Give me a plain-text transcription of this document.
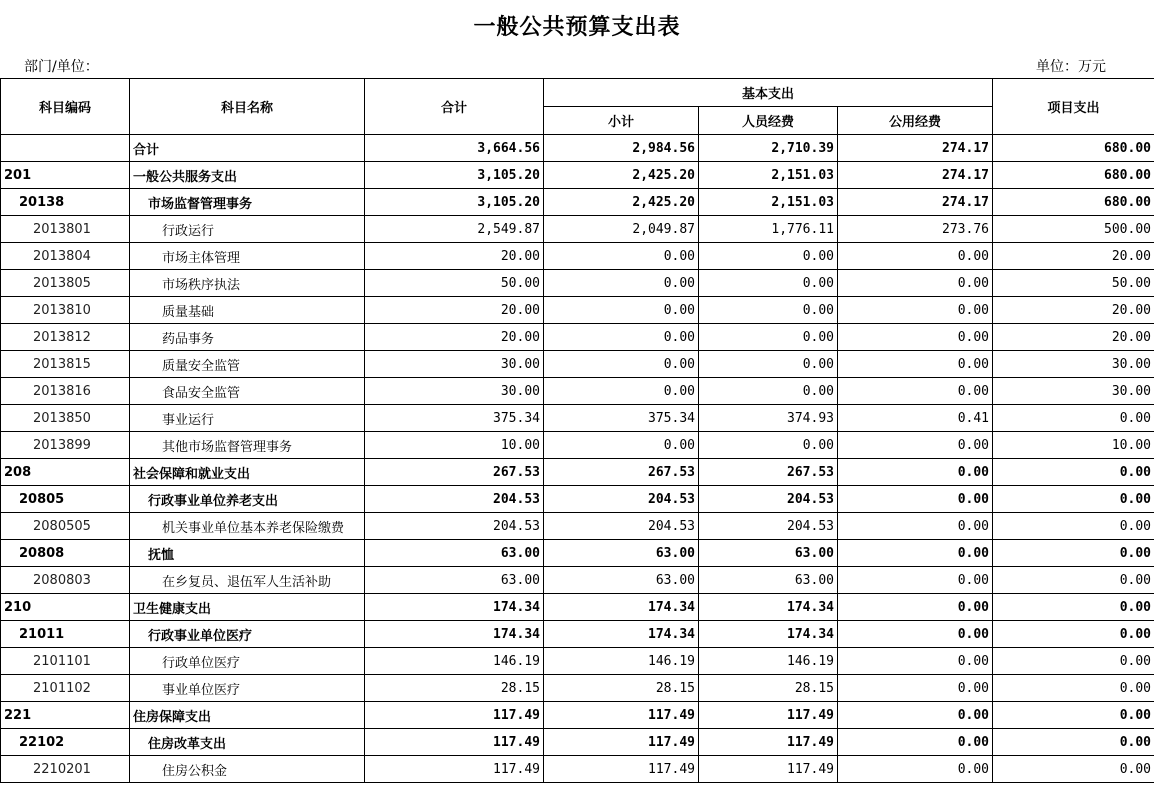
一般公共预算支出表
部门/单位：	单位：万元
科目编码	科目名称	合计	基本支出			项目支出
			小计	人员经费	公用经费	
	合计	3,664.56	2,984.56	2,710.39	274.17	680.00
201	一般公共服务支出	3,105.20	2,425.20	2,151.03	274.17	680.00
20138	市场监督管理事务	3,105.20	2,425.20	2,151.03	274.17	680.00
2013801	行政运行	2,549.87	2,049.87	1,776.11	273.76	500.00
2013804	市场主体管理	20.00	0.00	0.00	0.00	20.00
2013805	市场秩序执法	50.00	0.00	0.00	0.00	50.00
2013810	质量基础	20.00	0.00	0.00	0.00	20.00
2013812	药品事务	20.00	0.00	0.00	0.00	20.00
2013815	质量安全监管	30.00	0.00	0.00	0.00	30.00
2013816	食品安全监管	30.00	0.00	0.00	0.00	30.00
2013850	事业运行	375.34	375.34	374.93	0.41	0.00
2013899	其他市场监督管理事务	10.00	0.00	0.00	0.00	10.00
208	社会保障和就业支出	267.53	267.53	267.53	0.00	0.00
20805	行政事业单位养老支出	204.53	204.53	204.53	0.00	0.00
2080505	机关事业单位基本养老保险缴费	204.53	204.53	204.53	0.00	0.00
20808	抚恤	63.00	63.00	63.00	0.00	0.00
2080803	在乡复员、退伍军人生活补助	63.00	63.00	63.00	0.00	0.00
210	卫生健康支出	174.34	174.34	174.34	0.00	0.00
21011	行政事业单位医疗	174.34	174.34	174.34	0.00	0.00
2101101	行政单位医疗	146.19	146.19	146.19	0.00	0.00
2101102	事业单位医疗	28.15	28.15	28.15	0.00	0.00
221	住房保障支出	117.49	117.49	117.49	0.00	0.00
22102	住房改革支出	117.49	117.49	117.49	0.00	0.00
2210201	住房公积金	117.49	117.49	117.49	0.00	0.00
